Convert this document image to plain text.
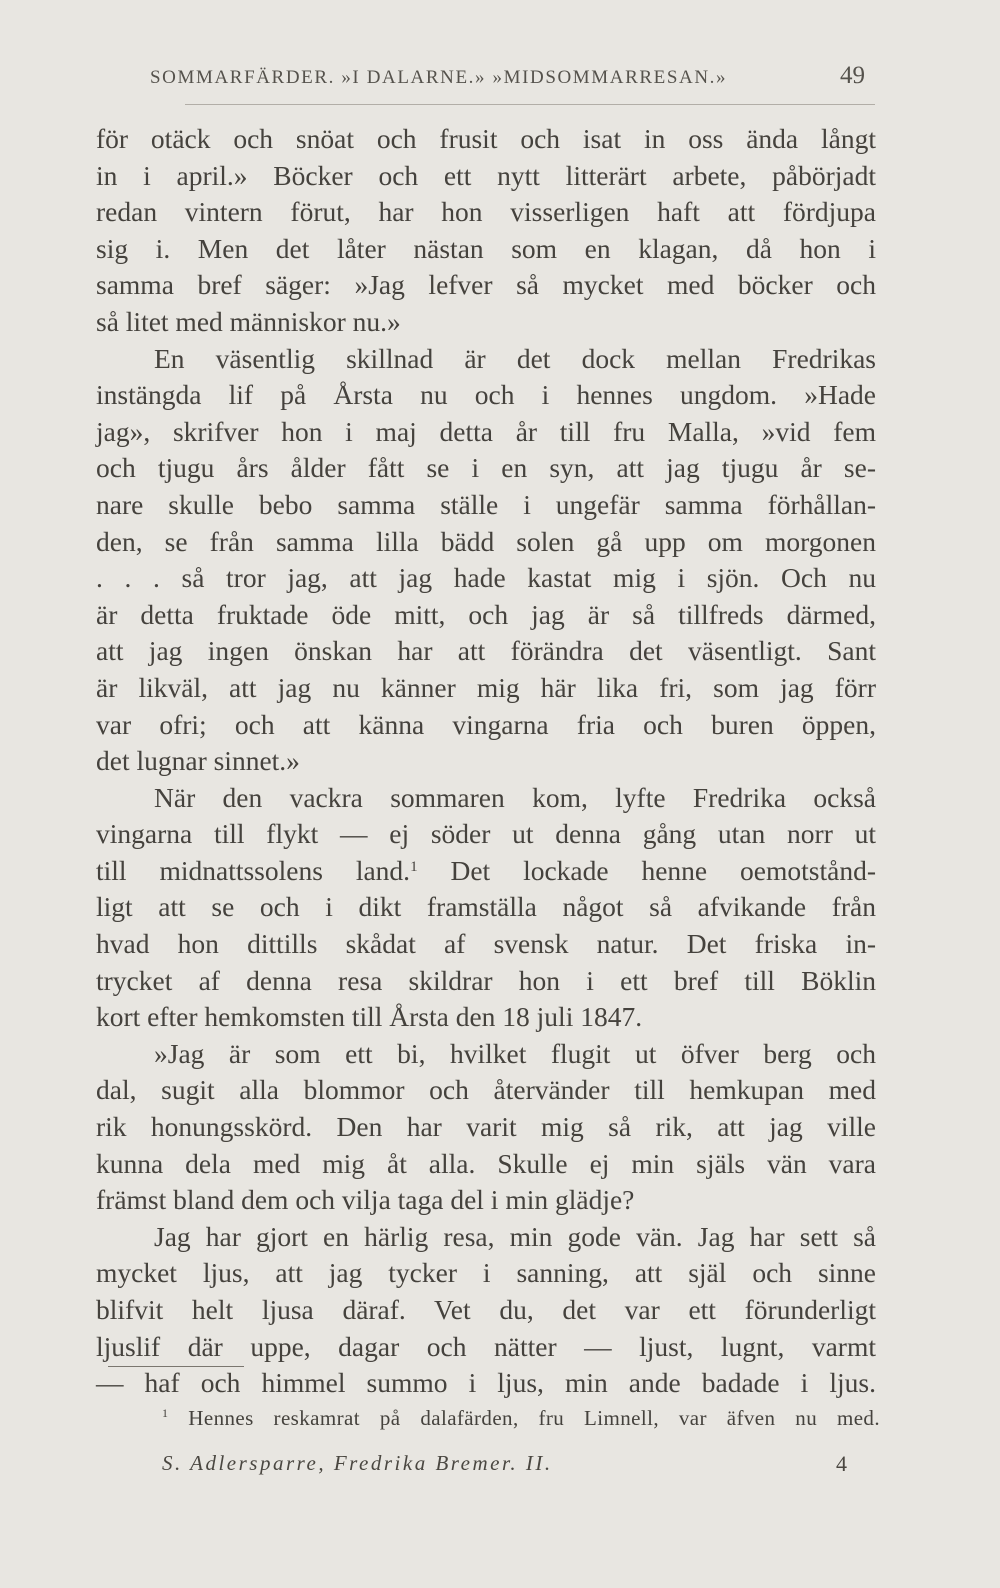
SOMMARFÄRDER. »I DALARNE.» »MIDSOMMARRESAN.»	49
för otäck och snöat och frusit och isat in oss ända långt
in i april.» Böcker och ett nytt litterärt arbete, påbörjadt
redan vintern förut, har hon visserligen haft att fördjupa
sig i. Men det låter nästan som en klagan, då hon i
samma bref säger: »Jag lefver så mycket med böcker och
så litet med människor nu.»
En väsentlig skillnad är det dock mellan Fredrikas
instängda lif på Årsta nu och i hennes ungdom. »Hade
jag», skrifver hon i maj detta år till fru Malla, »vid fem
och tjugu års ålder fått se i en syn, att jag tjugu år se-
nare skulle bebo samma ställe i ungefär samma förhållan-
den, se från samma lilla bädd solen gå upp om morgonen
. . . så tror jag, att jag hade kastat mig i sjön. Och nu
är detta fruktade öde mitt, och jag är så tillfreds därmed,
att jag ingen önskan har att förändra det väsentligt. Sant
är likväl, att jag nu känner mig här lika fri, som jag förr
var ofri; och att känna vingarna fria och buren öppen,
det lugnar sinnet.»
När den vackra sommaren kom, lyfte Fredrika också
vingarna till flykt — ej söder ut denna gång utan norr ut
till midnattssolens land.$^1$ Det lockade henne oemotstånd-
ligt att se och i dikt framställa något så afvikande från
hvad hon dittills skådat af svensk natur. Det friska in-
trycket af denna resa skildrar hon i ett bref till Böklin
kort efter hemkomsten till Årsta den 18 juli 1847.
»Jag är som ett bi, hvilket flugit ut öfver berg och
dal, sugit alla blommor och återvänder till hemkupan med
rik honungsskörd. Den har varit mig så rik, att jag ville
kunna dela med mig åt alla. Skulle ej min själs vän vara
främst bland dem och vilja taga del i min glädje?
Jag har gjort en härlig resa, min gode vän. Jag har sett så
mycket ljus, att jag tycker i sanning, att själ och sinne
blifvit helt ljusa däraf. Vet du, det var ett förunderligt
ljuslif där uppe, dagar och nätter — ljust, lugnt, varmt
— haf och himmel summo i ljus, min ande badade i ljus.
$^1$ Hennes reskamrat på dalafärden, fru Limnell, var äfven nu med.
S. Adlersparre, Fredrika Bremer. II.	4
